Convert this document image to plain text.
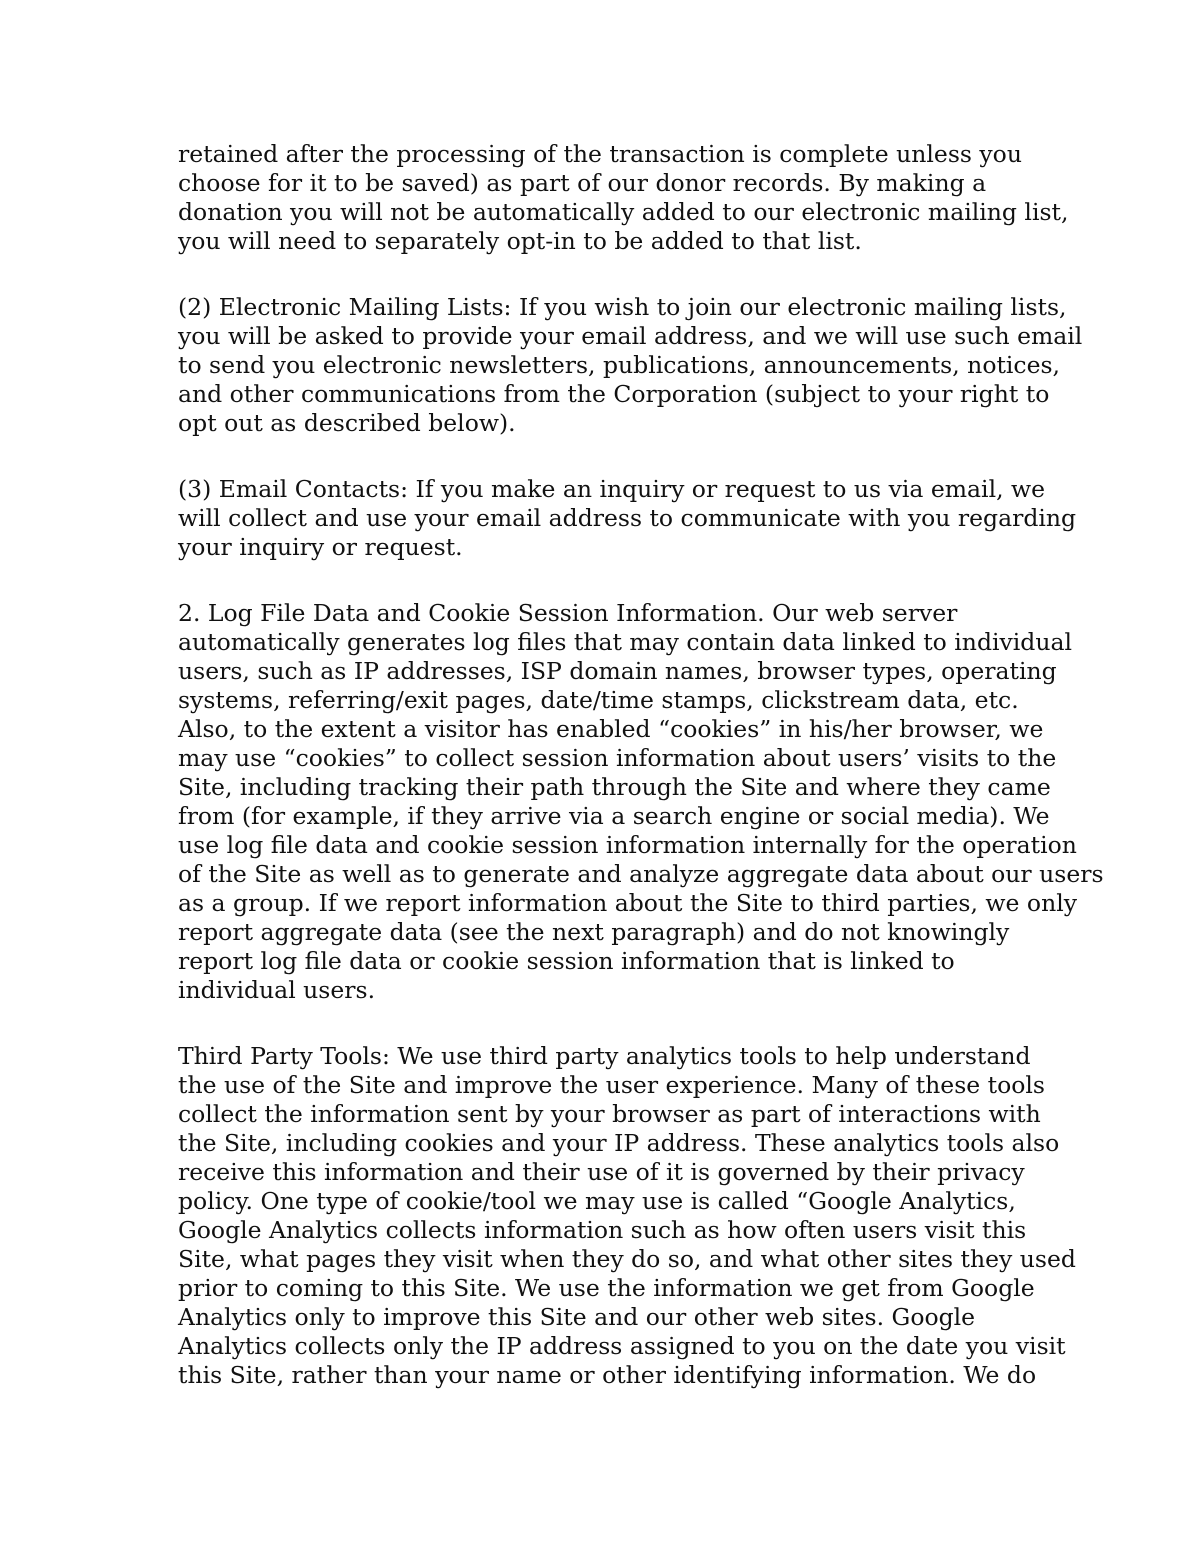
retained after the processing of the transaction is complete unless you
choose for it to be saved) as part of our donor records. By making a
donation you will not be automatically added to our electronic mailing list,
you will need to separately opt-in to be added to that list.

(2) Electronic Mailing Lists: If you wish to join our electronic mailing lists,
you will be asked to provide your email address, and we will use such email
to send you electronic newsletters, publications, announcements, notices,
and other communications from the Corporation (subject to your right to
opt out as described below).

(3) Email Contacts: If you make an inquiry or request to us via email, we
will collect and use your email address to communicate with you regarding
your inquiry or request.

2. Log File Data and Cookie Session Information. Our web server
automatically generates log files that may contain data linked to individual
users, such as IP addresses, ISP domain names, browser types, operating
systems, referring/exit pages, date/time stamps, clickstream data, etc.
Also, to the extent a visitor has enabled “cookies” in his/her browser, we
may use “cookies” to collect session information about users’ visits to the
Site, including tracking their path through the Site and where they came
from (for example, if they arrive via a search engine or social media). We
use log file data and cookie session information internally for the operation
of the Site as well as to generate and analyze aggregate data about our users
as a group. If we report information about the Site to third parties, we only
report aggregate data (see the next paragraph) and do not knowingly
report log file data or cookie session information that is linked to
individual users.

Third Party Tools: We use third party analytics tools to help understand
the use of the Site and improve the user experience. Many of these tools
collect the information sent by your browser as part of interactions with
the Site, including cookies and your IP address. These analytics tools also
receive this information and their use of it is governed by their privacy
policy. One type of cookie/tool we may use is called “Google Analytics,
Google Analytics collects information such as how often users visit this
Site, what pages they visit when they do so, and what other sites they used
prior to coming to this Site. We use the information we get from Google
Analytics only to improve this Site and our other web sites. Google
Analytics collects only the IP address assigned to you on the date you visit
this Site, rather than your name or other identifying information. We do
